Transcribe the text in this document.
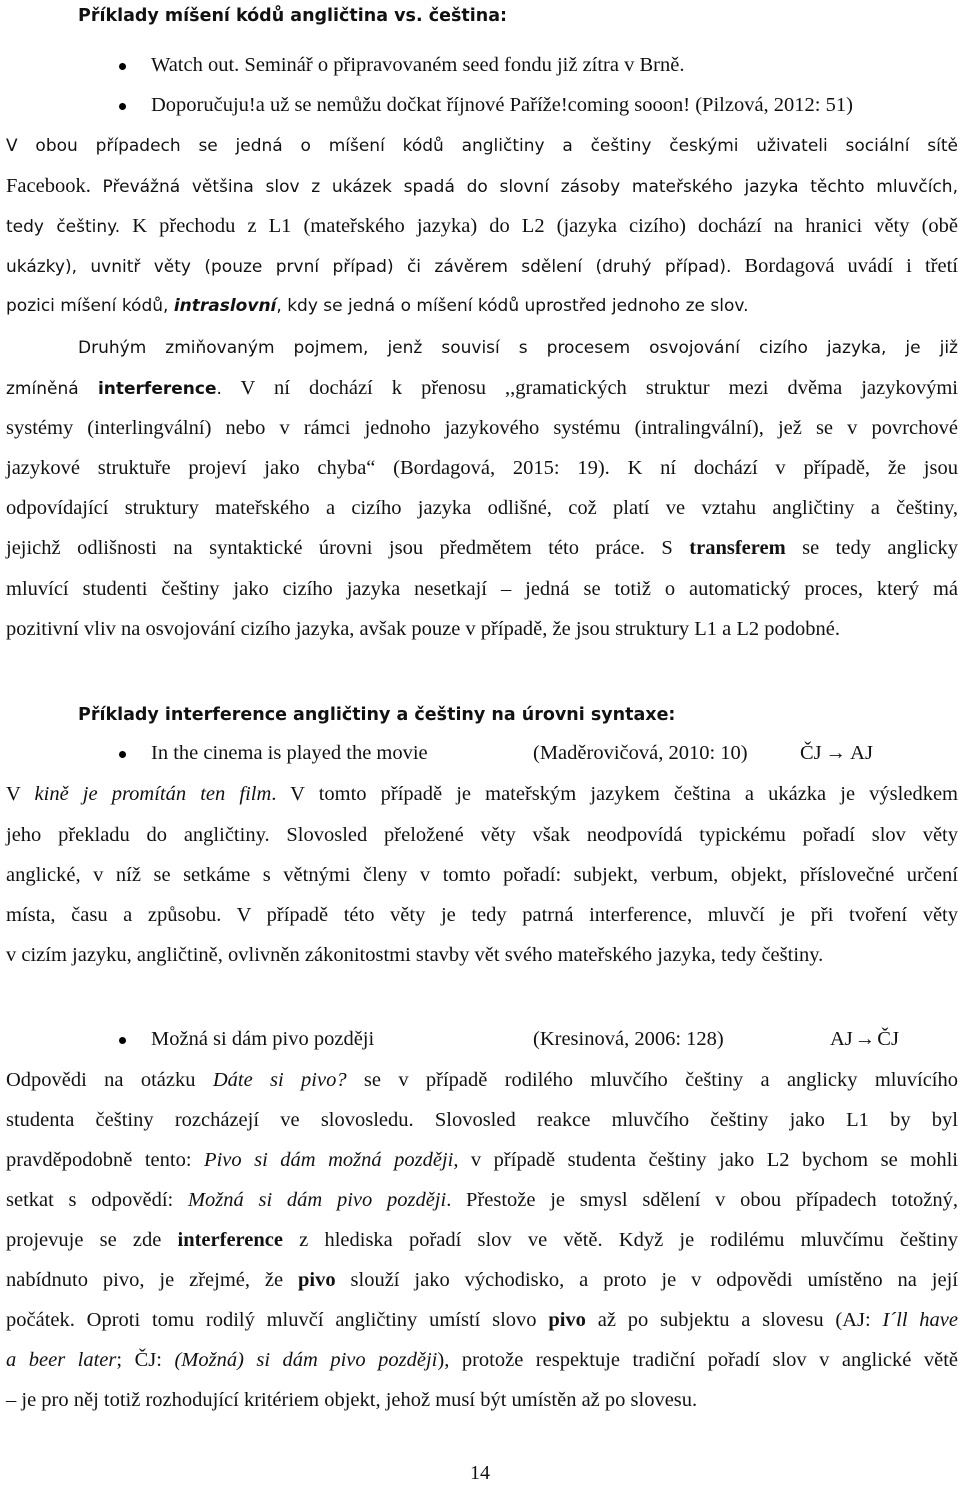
Příklady míšení kódů angličtina vs. čeština:
Watch out. Seminář o připravovaném seed fondu již zítra v Brně.
Doporučuju!a už se nemůžu dočkat říjnové Paříže!coming sooon! (Pilzová, 2012: 51)
V obou případech se jedná o míšení kódů angličtiny a češtiny českými uživateli sociální sítě
Facebook. Převážná většina slov z ukázek spadá do slovní zásoby mateřského jazyka těchto mluvčích,
tedy češtiny. K přechodu z L1 (mateřského jazyka) do L2 (jazyka cizího) dochází na hranici věty (obě
ukázky), uvnitř věty (pouze první případ) či závěrem sdělení (druhý případ). Bordagová uvádí i třetí
pozici míšení kódů, intraslovní, kdy se jedná o míšení kódů uprostřed jednoho ze slov.
Druhým zmiňovaným pojmem, jenž souvisí s procesem osvojování cizího jazyka, je již
zmíněná interference. V ní dochází k přenosu ,,gramatických struktur mezi dvěma jazykovými
systémy (interlingvální) nebo v rámci jednoho jazykového systému (intralingvální), jež se v povrchové
jazykové struktuře projeví jako chyba“ (Bordagová, 2015: 19). K ní dochází v případě, že jsou
odpovídající struktury mateřského a cizího jazyka odlišné, což platí ve vztahu angličtiny a češtiny,
jejichž odlišnosti na syntaktické úrovni jsou předmětem této práce. S transferem se tedy anglicky
mluvící studenti češtiny jako cizího jazyka nesetkají – jedná se totiž o automatický proces, který má
pozitivní vliv na osvojování cizího jazyka, avšak pouze v případě, že jsou struktury L1 a L2 podobné.
Příklady interference angličtiny a češtiny na úrovni syntaxe:
In the cinema is played the movie	(Maděrovičová, 2010: 10)	ČJ → AJ
V kině je promítán ten film. V tomto případě je mateřským jazykem čeština a ukázka je výsledkem
jeho překladu do angličtiny. Slovosled přeložené věty však neodpovídá typickému pořadí slov věty
anglické, v níž se setkáme s větnými členy v tomto pořadí: subjekt, verbum, objekt, příslovečné určení
místa, času a způsobu. V případě této věty je tedy patrná interference, mluvčí je při tvoření věty
v cizím jazyku, angličtině, ovlivněn zákonitostmi stavby vět svého mateřského jazyka, tedy češtiny.
Možná si dám pivo později	(Kresinová, 2006: 128)	AJ→ČJ
Odpovědi na otázku Dáte si pivo? se v případě rodilého mluvčího češtiny a anglicky mluvícího
studenta češtiny rozcházejí ve slovosledu. Slovosled reakce mluvčího češtiny jako L1 by byl
pravděpodobně tento: Pivo si dám možná později, v případě studenta češtiny jako L2 bychom se mohli
setkat s odpovědí: Možná si dám pivo později. Přestože je smysl sdělení v obou případech totožný,
projevuje se zde interference z hlediska pořadí slov ve větě. Když je rodilému mluvčímu češtiny
nabídnuto pivo, je zřejmé, že pivo slouží jako východisko, a proto je v odpovědi umístěno na její
počátek. Oproti tomu rodilý mluvčí angličtiny umístí slovo pivo až po subjektu a slovesu (AJ: I´ll have
a beer later; ČJ: (Možná) si dám pivo později), protože respektuje tradiční pořadí slov v anglické větě
– je pro něj totiž rozhodující kritériem objekt, jehož musí být umístěn až po slovesu.
14
